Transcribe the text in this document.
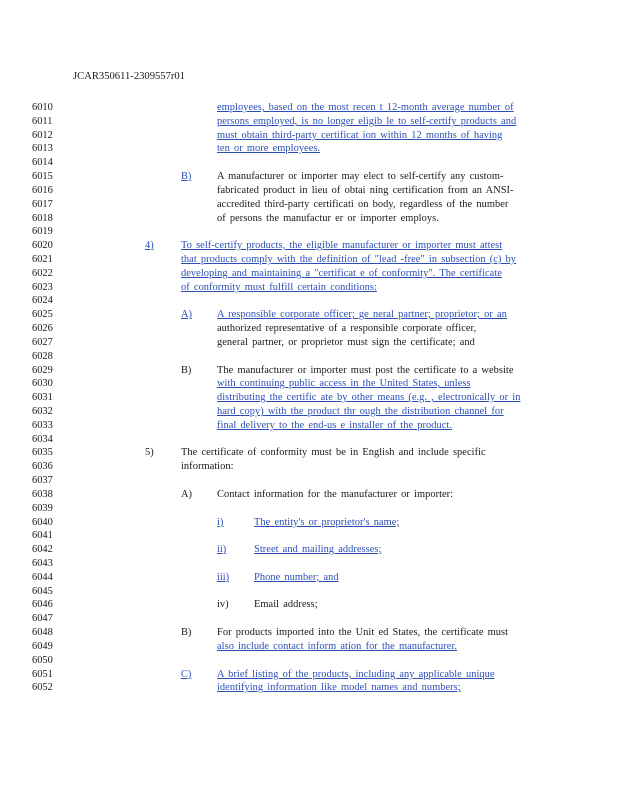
JCAR350611-2309557r01
6010
6011
6012
6013
6014
6015
6016
6017
6018
6019
6020
6021
6022
6023
6024
6025
6026
6027
6028
6029
6030
6031
6032
6033
6034
6035
6036
6037
6038
6039
6040
6041
6042
6043
6044
6045
6046
6047
6048
6049
6050
6051
6052
employees, based on the most recen t 12-month average number of
persons employed, is no longer eligib le to self-certify products and
must obtain third-party certificat ion within 12 months of having
ten or more employees.
B) A manufacturer or importer may elect to self-certify any custom-
fabricated product in lieu of obtai ning certification from an ANSI-
accredited third-party certificati on body, regardless of the number
of persons the manufactur er or importer employs.
4)	To self-certify products, the eligible manufacturer or importer must attest
that products comply with the definition of "lead -free" in subsection (c) by
developing and maintaining a "certificat e of conformity". The certificate
of conformity must fulfill certain conditions:
A) A responsible corporate officer; ge neral partner; proprietor; or an
authorized representative of a responsible corporate officer,
general partner, or proprietor must sign the certificate; and
B) The manufacturer or importer must post the certificate to a website
with continuing public access in the United States, unless
distributing the certific ate by other means (e.g. , electronically or in
hard copy) with the product thr ough the distribution channel for
final delivery to the end-us e installer of the product.
5)	The certificate of conformity must be in English and include specific
information:
A) Contact information for the manufacturer or importer:
i)	The entity's or proprietor's name;
ii)	Street and mailing addresses;
iii) Phone number; and
iv) Email address;
B) For products imported into the Unit ed States, the certificate must
also include contact inform ation for the manufacturer.
C) A brief listing of the products, including any applicable unique
identifying information like model names and numbers;
